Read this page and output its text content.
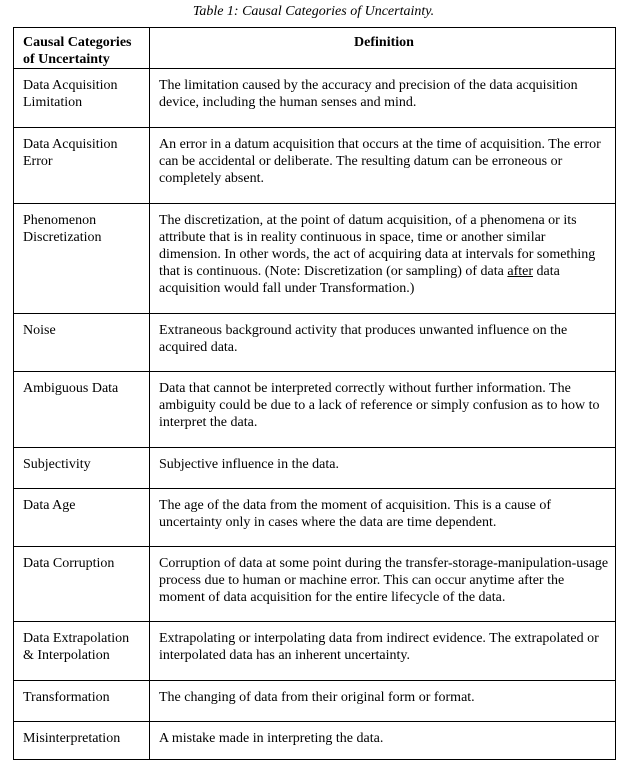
Table 1: Causal Categories of Uncertainty.
Causal Categories of Uncertainty	Definition
Data Acquisition Limitation	The limitation caused by the accuracy and precision of the data acquisition device, including the human senses and mind.
Data Acquisition Error	An error in a datum acquisition that occurs at the time of acquisition. The error can be accidental or deliberate. The resulting datum can be erroneous or completely absent.
Phenomenon Discretization	The discretization, at the point of datum acquisition, of a phenomena or its attribute that is in reality continuous in space, time or another similar dimension. In other words, the act of acquiring data at intervals for something that is continuous. (Note: Discretization (or sampling) of data after data acquisition would fall under Transformation.)
Noise	Extraneous background activity that produces unwanted influence on the acquired data.
Ambiguous Data	Data that cannot be interpreted correctly without further information. The ambiguity could be due to a lack of reference or simply confusion as to how to interpret the data.
Subjectivity	Subjective influence in the data.
Data Age	The age of the data from the moment of acquisition. This is a cause of uncertainty only in cases where the data are time dependent.
Data Corruption	Corruption of data at some point during the transfer-storage-manipulation-usage process due to human or machine error. This can occur anytime after the moment of data acquisition for the entire lifecycle of the data.
Data Extrapolation & Interpolation	Extrapolating or interpolating data from indirect evidence. The extrapolated or interpolated data has an inherent uncertainty.
Transformation	The changing of data from their original form or format.
Misinterpretation	A mistake made in interpreting the data.
